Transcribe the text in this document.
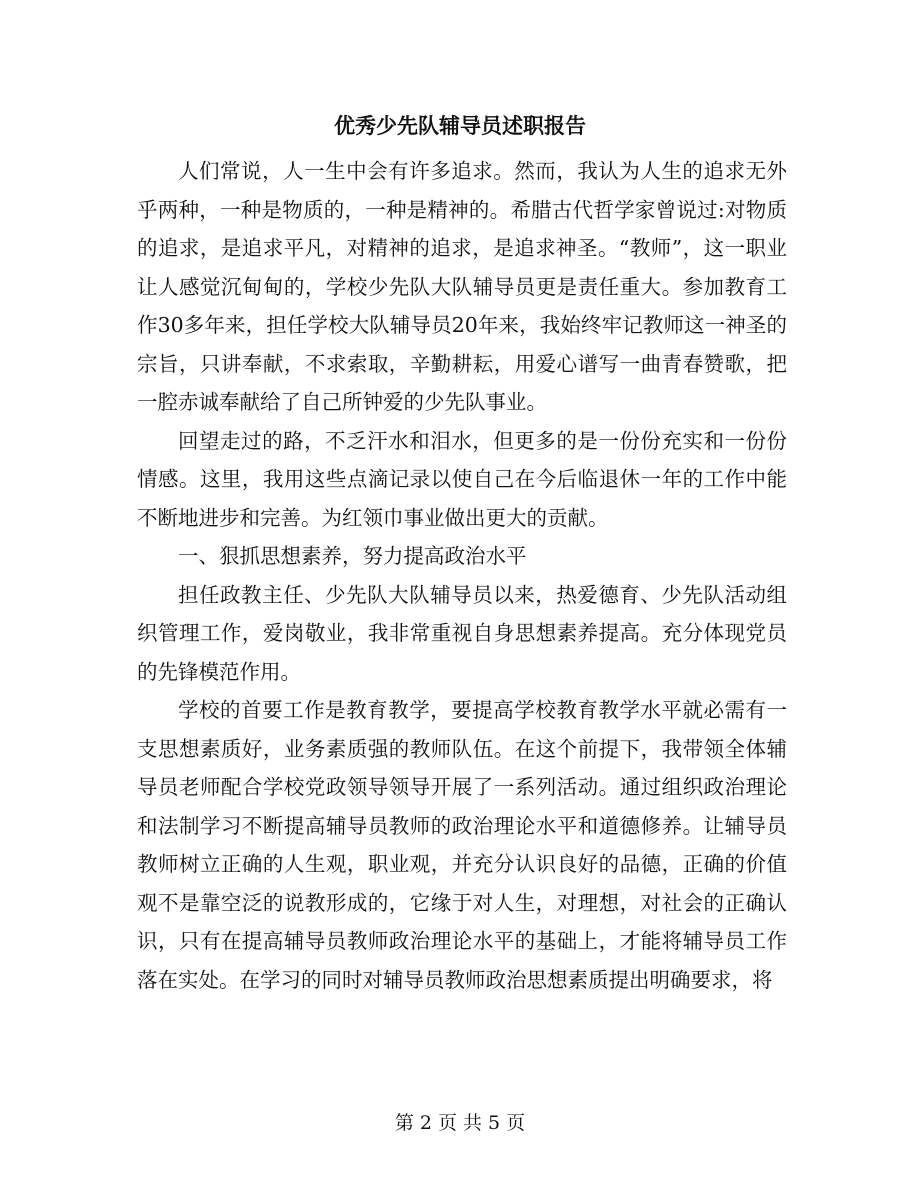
优秀少先队辅导员述职报告

人们常说，人一生中会有许多追求。然而，我认为人生的追求无外乎两种，一种是物质的，一种是精神的。希腊古代哲学家曾说过:对物质的追求，是追求平凡，对精神的追求，是追求神圣。“教师”，这一职业让人感觉沉甸甸的，学校少先队大队辅导员更是责任重大。参加教育工作30多年来，担任学校大队辅导员20年来，我始终牢记教师这一神圣的宗旨，只讲奉献，不求索取，辛勤耕耘，用爱心谱写一曲青春赞歌，把一腔赤诚奉献给了自己所钟爱的少先队事业。

回望走过的路，不乏汗水和泪水，但更多的是一份份充实和一份份情感。这里，我用这些点滴记录以使自己在今后临退休一年的工作中能不断地进步和完善。为红领巾事业做出更大的贡献。

一、狠抓思想素养，努力提高政治水平

担任政教主任、少先队大队辅导员以来，热爱德育、少先队活动组织管理工作，爱岗敬业，我非常重视自身思想素养提高。充分体现党员的先锋模范作用。

学校的首要工作是教育教学，要提高学校教育教学水平就必需有一支思想素质好，业务素质强的教师队伍。在这个前提下，我带领全体辅导员老师配合学校党政领导领导开展了一系列活动。通过组织政治理论和法制学习不断提高辅导员教师的政治理论水平和道德修养。让辅导员教师树立正确的人生观，职业观，并充分认识良好的品德，正确的价值观不是靠空泛的说教形成的，它缘于对人生，对理想，对社会的正确认识，只有在提高辅导员教师政治理论水平的基础上，才能将辅导员工作落在实处。在学习的同时对辅导员教师政治思想素质提出明确要求，将

第 2 页 共 5 页
